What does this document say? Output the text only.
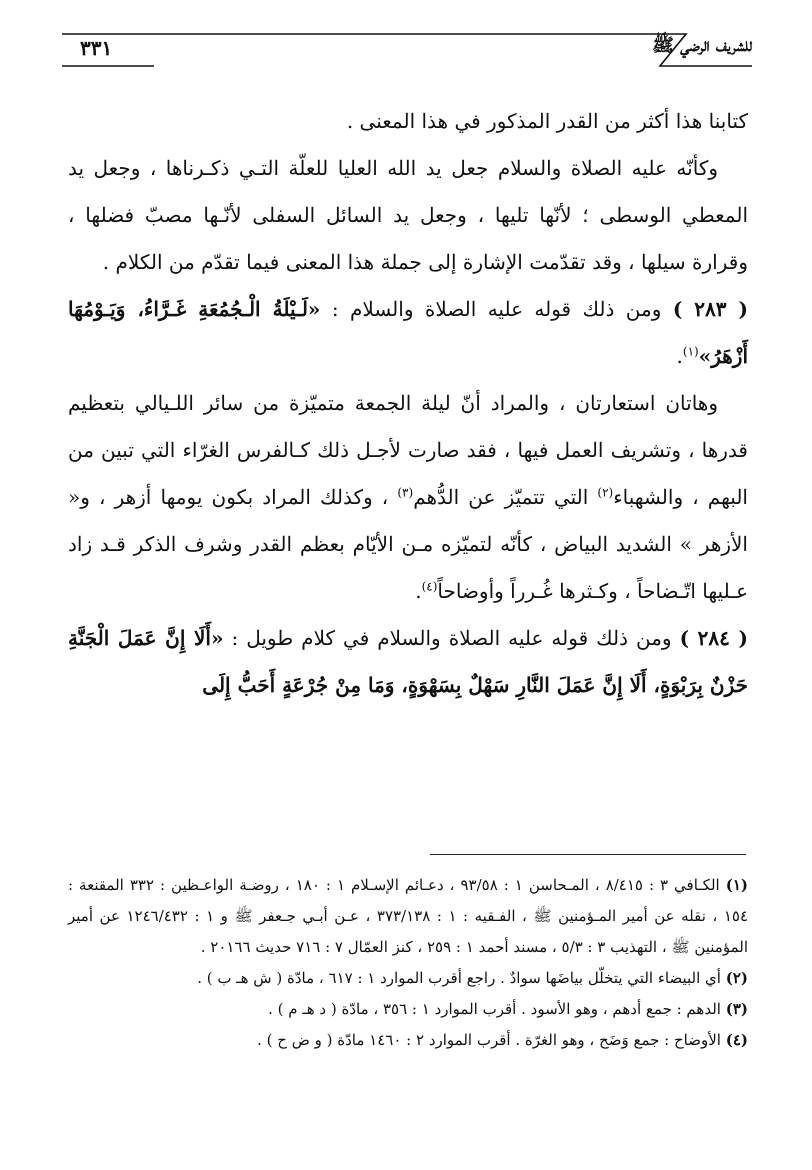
للشريف الرضي ﷺ
٣٣١

كتابنا هذا أكثر من القدر المذكور في هذا المعنى .

وكأنّه عليه الصلاة والسلام جعل يد الله العليا للعلّة التـي ذكـرناها ، وجعل يد المعطي الوسطى ؛ لأنّها تليها ، وجعل يد السائل السفلى لأنّـها مصبّ فضلها ، وقرارة سيلها ، وقد تقدّمت الإشارة إلى جملة هذا المعنى فيما تقدّم من الكلام .

( ٢٨٣ ) ومن ذلك قوله عليه الصلاة والسلام : «لَـيْلَةُ الْـجُمُعَةِ غَـرَّاءُ، وَيَـوْمُهَا أَزْهَرُ»$^{(١)}$.

وهاتان استعارتان ، والمراد أنّ ليلة الجمعة متميّزة من سائر اللـيالي بتعظيم قدرها ، وتشريف العمل فيها ، فقد صارت لأجـل ذلك كـالفرس الغرّاء التي تبين من البهم ، والشهباء$^{(٢)}$ التي تتميّز عن الدُّهم$^{(٣)}$ ، وكذلك المراد بكون يومها أزهر ، و« الأزهر » الشديد البياض ، كأنّه لتميّزه مـن الأيّام بعظم القدر وشرف الذكر قـد زاد عـليها اتّـضاحاً ، وكـثرها غُـرراً وأوضاحاً$^{(٤)}$.

( ٢٨٤ ) ومن ذلك قوله عليه الصلاة والسلام في كلام طويل : «أَلَا إِنَّ عَمَلَ الْجَنَّةِ حَزْنٌ بِرَبْوَةٍ، أَلَا إِنَّ عَمَلَ النَّارِ سَهْلٌ بِسَهْوَةٍ، وَمَا مِنْ جُرْعَةٍ أَحَبُّ إِلَى

(١) الكـافي ٣ : ٨/٤١٥ ، المـحاسن ١ : ٩٣/٥٨ ، دعـائم الإسـلام ١ : ١٨٠ ، روضـة الواعـظين : ٣٣٢ المقنعة : ١٥٤ ، نقله عن أمير المـؤمنين ﷺ ، الفـقيه : ١ : ٣٧٣/١٣٨ ، عـن أبـي جـعفر ﷺ و ١ : ١٢٤٦/٤٣٢ عن أمير المؤمنين ﷺ ، التهذيب ٣ : ٥/٣ ، مسند أحمد ١ : ٢٥٩ ، كنز العمّال ٧ : ٧١٦ حديث ٢٠١٦٦ .

(٢) أي البيضاء التي يتخلّل بياضَها سوادٌ . راجع أقرب الموارد ١ : ٦١٧ ، مادّة ( ش هـ ب ) .

(٣) الدهم : جمع أدهم ، وهو الأسود . أقرب الموارد ١ : ٣٥٦ ، مادّة ( د هـ م ) .

(٤) الأوضاح : جمع وَضَح ، وهو الغرّة . أقرب الموارد ٢ : ١٤٦٠ مادّة ( و ض ح ) .
